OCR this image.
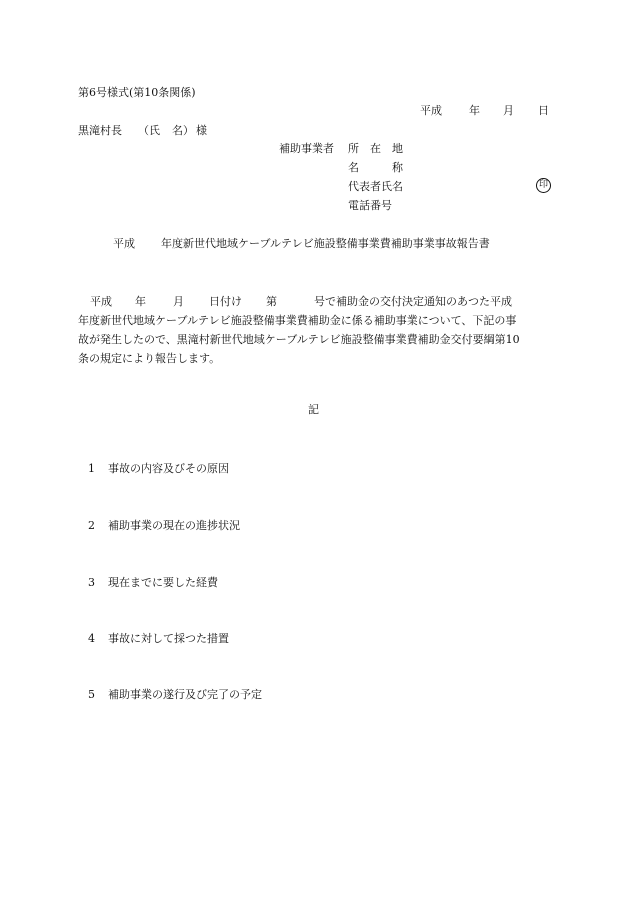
第6号様式(第10条関係)
平成 年 月 日
黒滝村長 （氏 名） 様
補助事業者 所　在　地
名　　　称
代表者氏名
電話番号
印
平成 年度新世代地域ケーブルテレビ施設整備事業費補助事業事故報告書
平成 年 月 日付け 第	号で補助金の交付決定通知のあつた平成
年度新世代地域ケーブルテレビ施設整備事業費補助金に係る補助事業について、下記の事
故が発生したので、黒滝村新世代地域ケーブルテレビ施設整備事業費補助金交付要綱第10
条の規定により報告します。
記
1 事故の内容及びその原因
2 補助事業の現在の進捗状況
3 現在までに要した経費
4 事故に対して採つた措置
5 補助事業の遂行及び完了の予定
